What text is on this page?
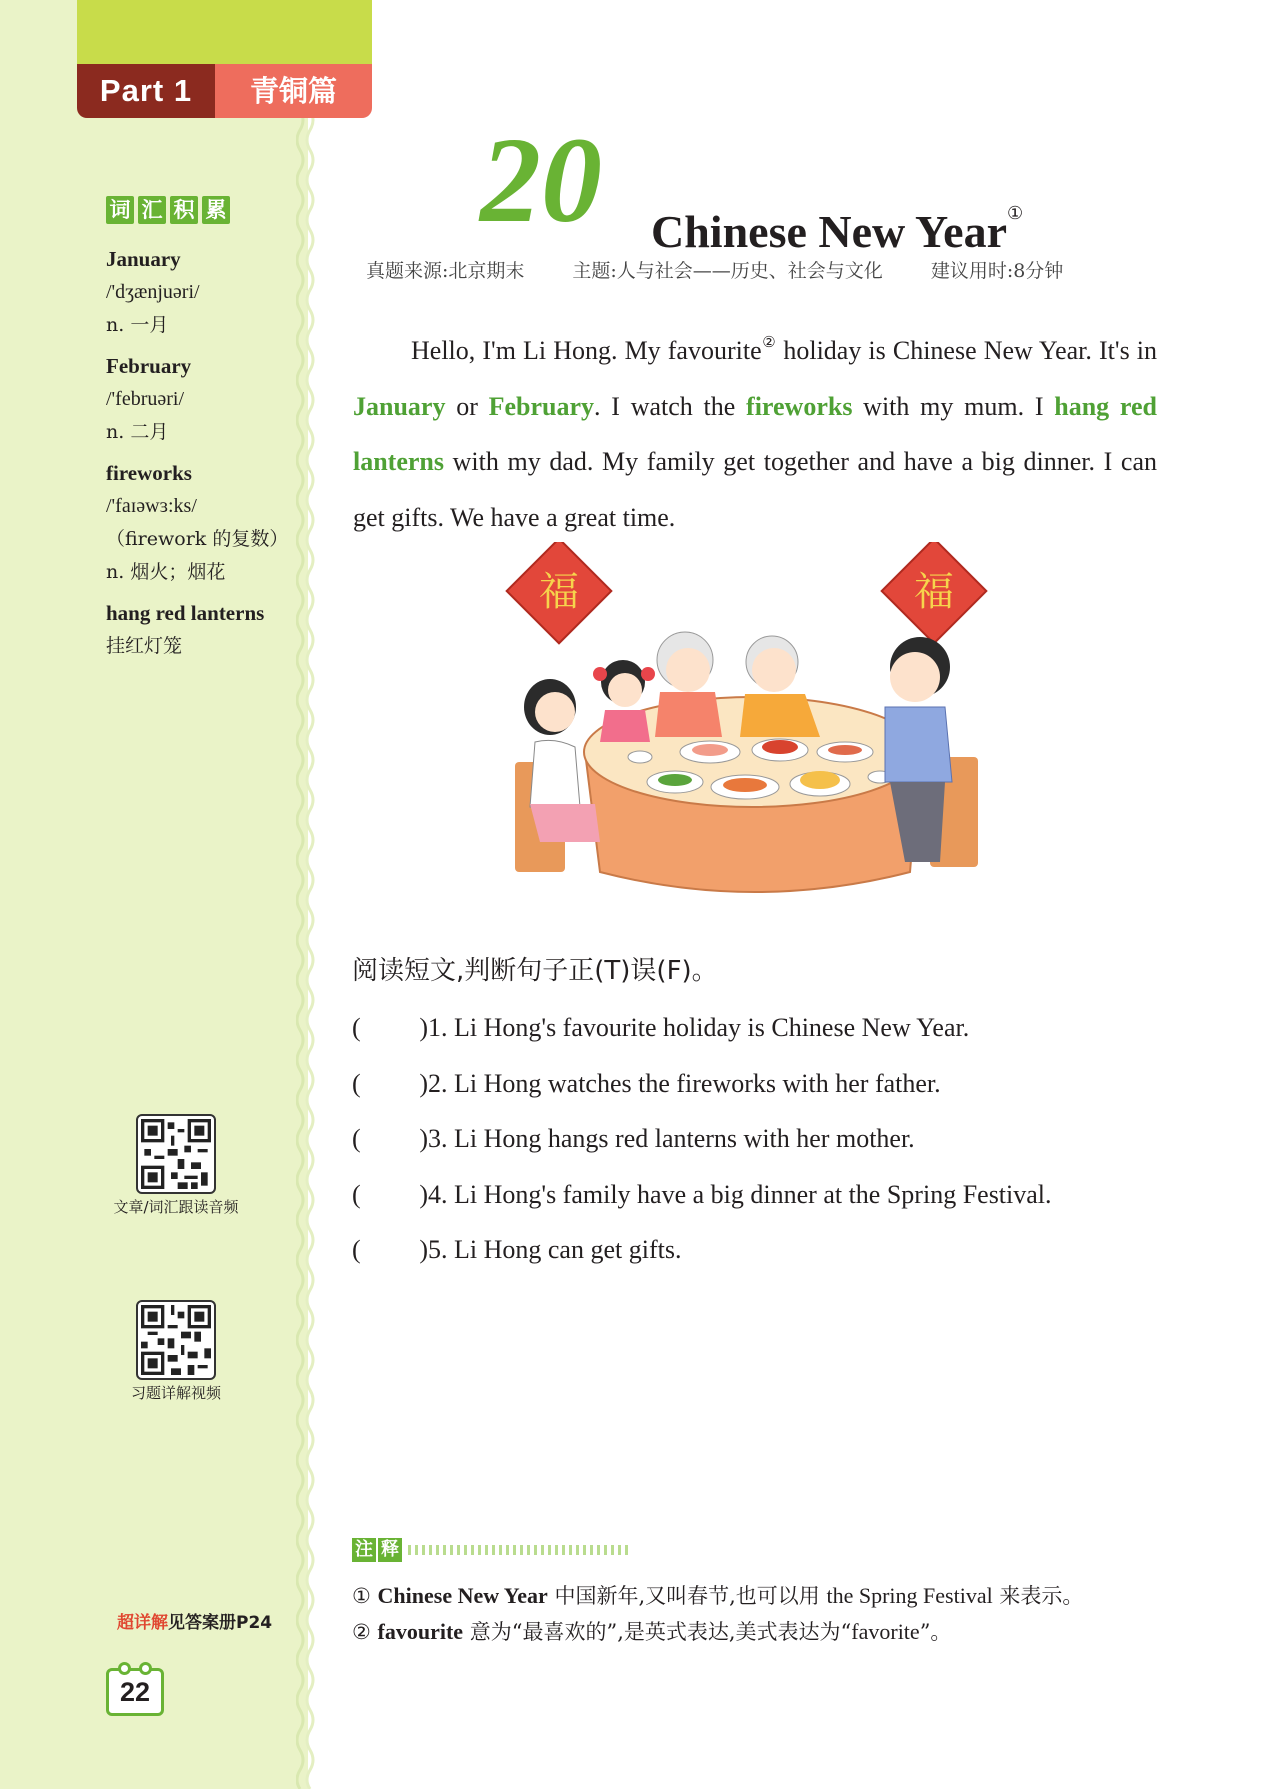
Part 1	青铜篇
词 汇 积 累
January
/'dʒænjuəri/
n. 一月
February
/'februəri/
n. 二月
fireworks
/'faɪəwɜ:ks/
（firework 的复数）
n. 烟火；烟花
hang red lanterns
挂红灯笼
文章/词汇跟读音频
习题详解视频
超详解见答案册P24
22
20 Chinese New Year①
真题来源:北京期末	主题:人与社会——历史、社会与文化	建议用时:8分钟
Hello, I'm Li Hong. My favourite② holiday is Chinese New Year. It's in January or February. I watch the fireworks with my mum. I hang red lanterns with my dad. My family get together and have a big dinner. I can get gifts. We have a great time.
福	福
阅读短文,判断句子正(T)误(F)。
( ) 1. Li Hong's favourite holiday is Chinese New Year.
( ) 2. Li Hong watches the fireworks with her father.
( ) 3. Li Hong hangs red lanterns with her mother.
( ) 4. Li Hong's family have a big dinner at the Spring Festival.
( ) 5. Li Hong can get gifts.
注 释
① Chinese New Year 中国新年,又叫春节,也可以用 the Spring Festival 来表示。
② favourite 意为“最喜欢的”,是英式表达,美式表达为“favorite”。
